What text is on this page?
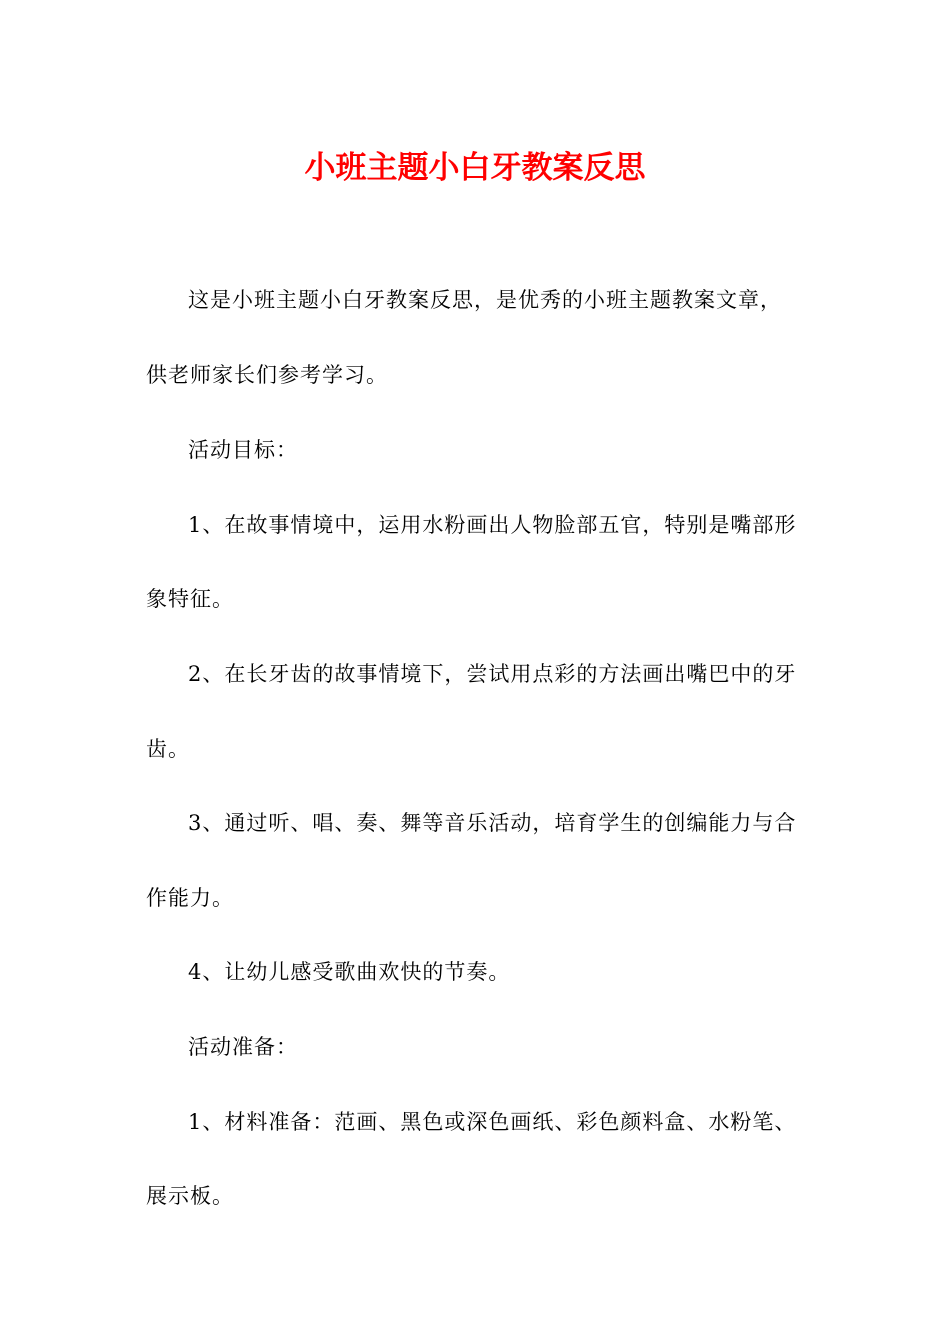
小班主题小白牙教案反思

这是小班主题小白牙教案反思，是优秀的小班主题教案文章，

供老师家长们参考学习。

活动目标：

1、在故事情境中，运用水粉画出人物脸部五官，特别是嘴部形

象特征。

2、在长牙齿的故事情境下，尝试用点彩的方法画出嘴巴中的牙

齿。

3、通过听、唱、奏、舞等音乐活动，培育学生的创编能力与合

作能力。

4、让幼儿感受歌曲欢快的节奏。

活动准备：

1、材料准备：范画、黑色或深色画纸、彩色颜料盒、水粉笔、

展示板。
